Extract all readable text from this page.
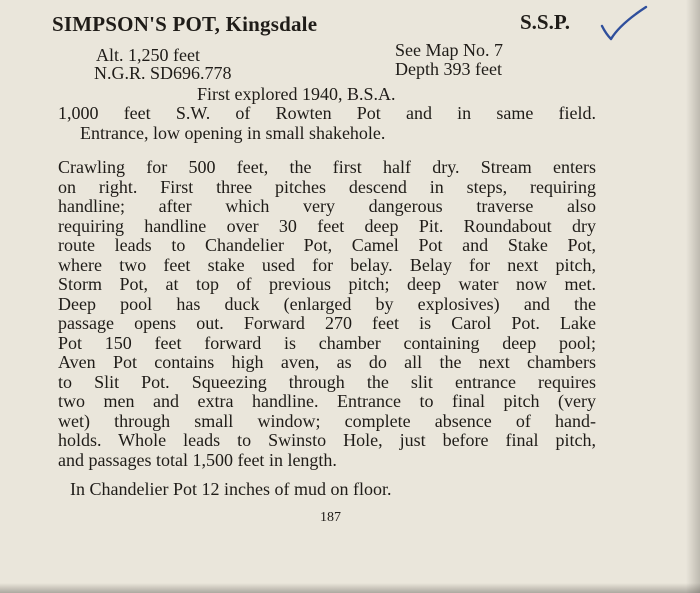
SIMPSON'S POT, Kingsdale	S.S.P.
Alt. 1,250 feet	See Map No. 7
N.G.R. SD696.778	Depth 393 feet
First explored 1940, B.S.A.
1,000 feet S.W. of Rowten Pot and in same field.
Entrance, low opening in small shakehole.
Crawling for 500 feet, the first half dry. Stream enters
on right. First three pitches descend in steps, requiring
handline; after which very dangerous traverse also
requiring handline over 30 feet deep Pit. Roundabout dry
route leads to Chandelier Pot, Camel Pot and Stake Pot,
where two feet stake used for belay. Belay for next pitch,
Storm Pot, at top of previous pitch; deep water now met.
Deep pool has duck (enlarged by explosives) and the
passage opens out. Forward 270 feet is Carol Pot. Lake
Pot 150 feet forward is chamber containing deep pool;
Aven Pot contains high aven, as do all the next chambers
to Slit Pot. Squeezing through the slit entrance requires
two men and extra handline. Entrance to final pitch (very
wet) through small window; complete absence of hand-
holds. Whole leads to Swinsto Hole, just before final pitch,
and passages total 1,500 feet in length.
In Chandelier Pot 12 inches of mud on floor.
187
